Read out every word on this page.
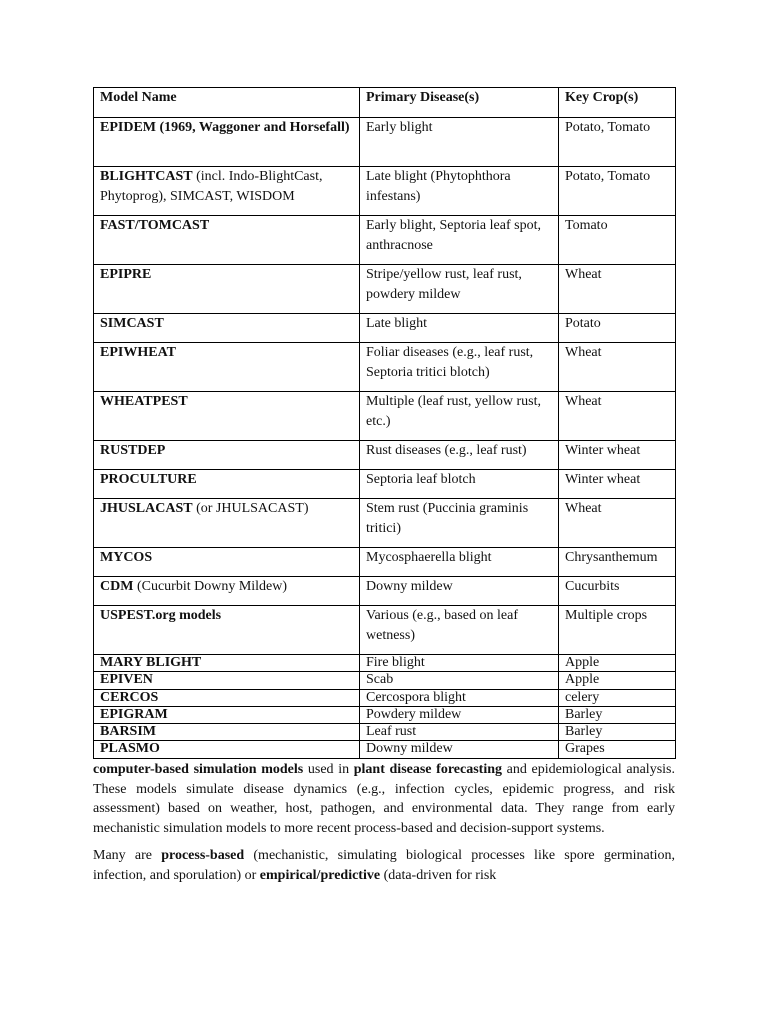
Model Name	Primary Disease(s)	Key Crop(s)
EPIDEM (1969, Waggoner and Horsefall)	Early blight	Potato, Tomato
BLIGHTCAST (incl. Indo-BlightCast, Phytoprog), SIMCAST, WISDOM	Late blight (Phytophthora infestans)	Potato, Tomato
FAST/TOMCAST	Early blight, Septoria leaf spot, anthracnose	Tomato
EPIPRE	Stripe/yellow rust, leaf rust, powdery mildew	Wheat
SIMCAST	Late blight	Potato
EPIWHEAT	Foliar diseases (e.g., leaf rust, Septoria tritici blotch)	Wheat
WHEATPEST	Multiple (leaf rust, yellow rust, etc.)	Wheat
RUSTDEP	Rust diseases (e.g., leaf rust)	Winter wheat
PROCULTURE	Septoria leaf blotch	Winter wheat
JHUSLACAST (or JHULSACAST)	Stem rust (Puccinia graminis tritici)	Wheat
MYCOS	Mycosphaerella blight	Chrysanthemum
CDM (Cucurbit Downy Mildew)	Downy mildew	Cucurbits
USPEST.org models	Various (e.g., based on leaf wetness)	Multiple crops
MARY BLIGHT	Fire blight	Apple
EPIVEN	Scab	Apple
CERCOS	Cercospora blight	celery
EPIGRAM	Powdery mildew	Barley
BARSIM	Leaf rust	Barley
PLASMO	Downy mildew	Grapes

computer-based simulation models used in plant disease forecasting and epidemiological analysis. These models simulate disease dynamics (e.g., infection cycles, epidemic progress, and risk assessment) based on weather, host, pathogen, and environmental data. They range from early mechanistic simulation models to more recent process-based and decision-support systems.

Many are process-based (mechanistic, simulating biological processes like spore germination, infection, and sporulation) or empirical/predictive (data-driven for risk
